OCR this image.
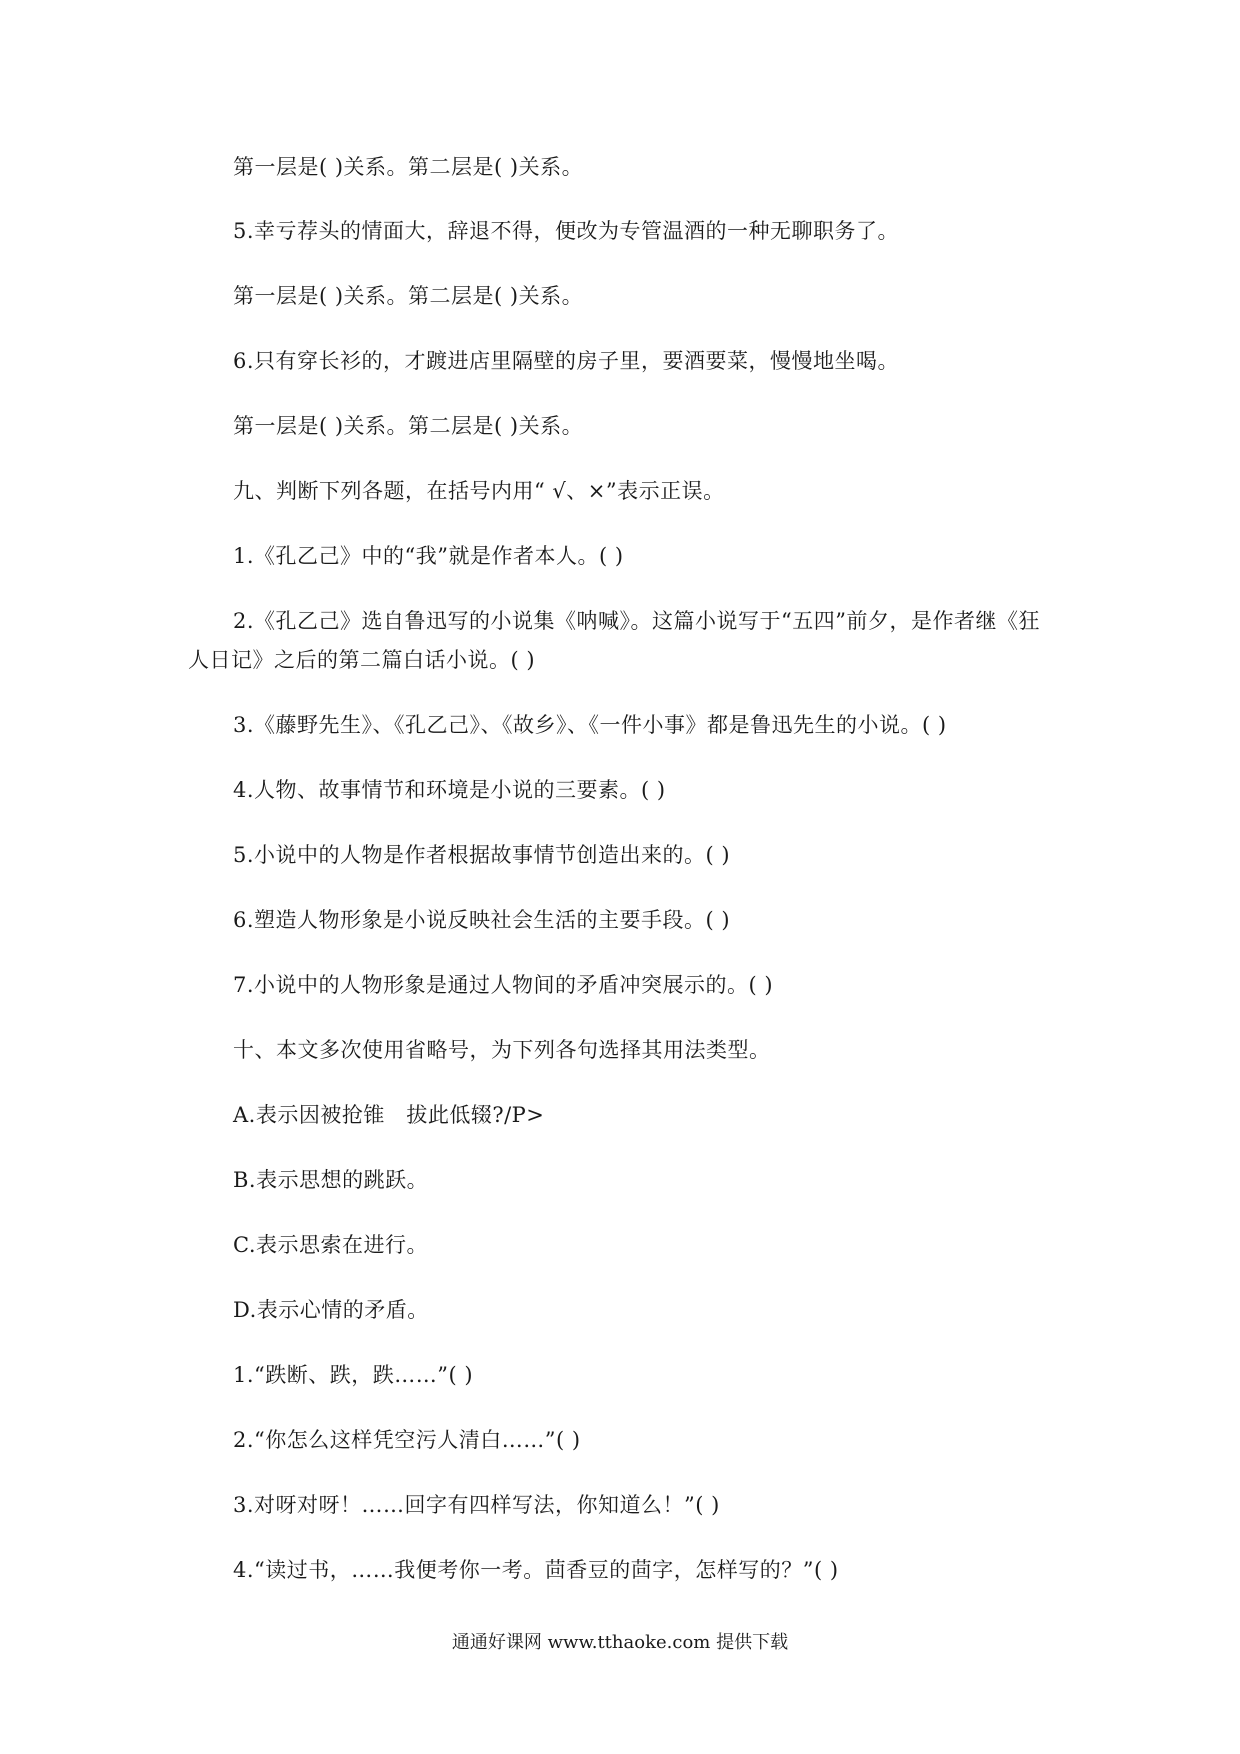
第一层是( )关系。第二层是( )关系。
5.幸亏荐头的情面大，辞退不得，便改为专管温酒的一种无聊职务了。
第一层是( )关系。第二层是( )关系。
6.只有穿长衫的，才踱进店里隔壁的房子里，要酒要菜，慢慢地坐喝。
第一层是( )关系。第二层是( )关系。
九、判断下列各题，在括号内用“ √、×”表示正误。
1.《孔乙己》中的“我”就是作者本人。( )
2.《孔乙己》选自鲁迅写的小说集《呐喊》。这篇小说写于“五四”前夕，是作者继《狂
人日记》之后的第二篇白话小说。( )
3.《藤野先生》、《孔乙己》、《故乡》、《一件小事》都是鲁迅先生的小说。( )
4.人物、故事情节和环境是小说的三要素。( )
5.小说中的人物是作者根据故事情节创造出来的。( )
6.塑造人物形象是小说反映社会生活的主要手段。( )
7.小说中的人物形象是通过人物间的矛盾冲突展示的。( )
十、本文多次使用省略号，为下列各句选择其用法类型。
A.表示因被抢锥　拔此低辍?/P>
B.表示思想的跳跃。
C.表示思索在进行。
D.表示心情的矛盾。
1.“跌断、跌，跌……”( )
2.“你怎么这样凭空污人清白……”( )
3.对呀对呀！……回字有四样写法，你知道么！”( )
4.“读过书，……我便考你一考。茴香豆的茴字，怎样写的？”( )
通通好课网 www.tthaoke.com 提供下载
